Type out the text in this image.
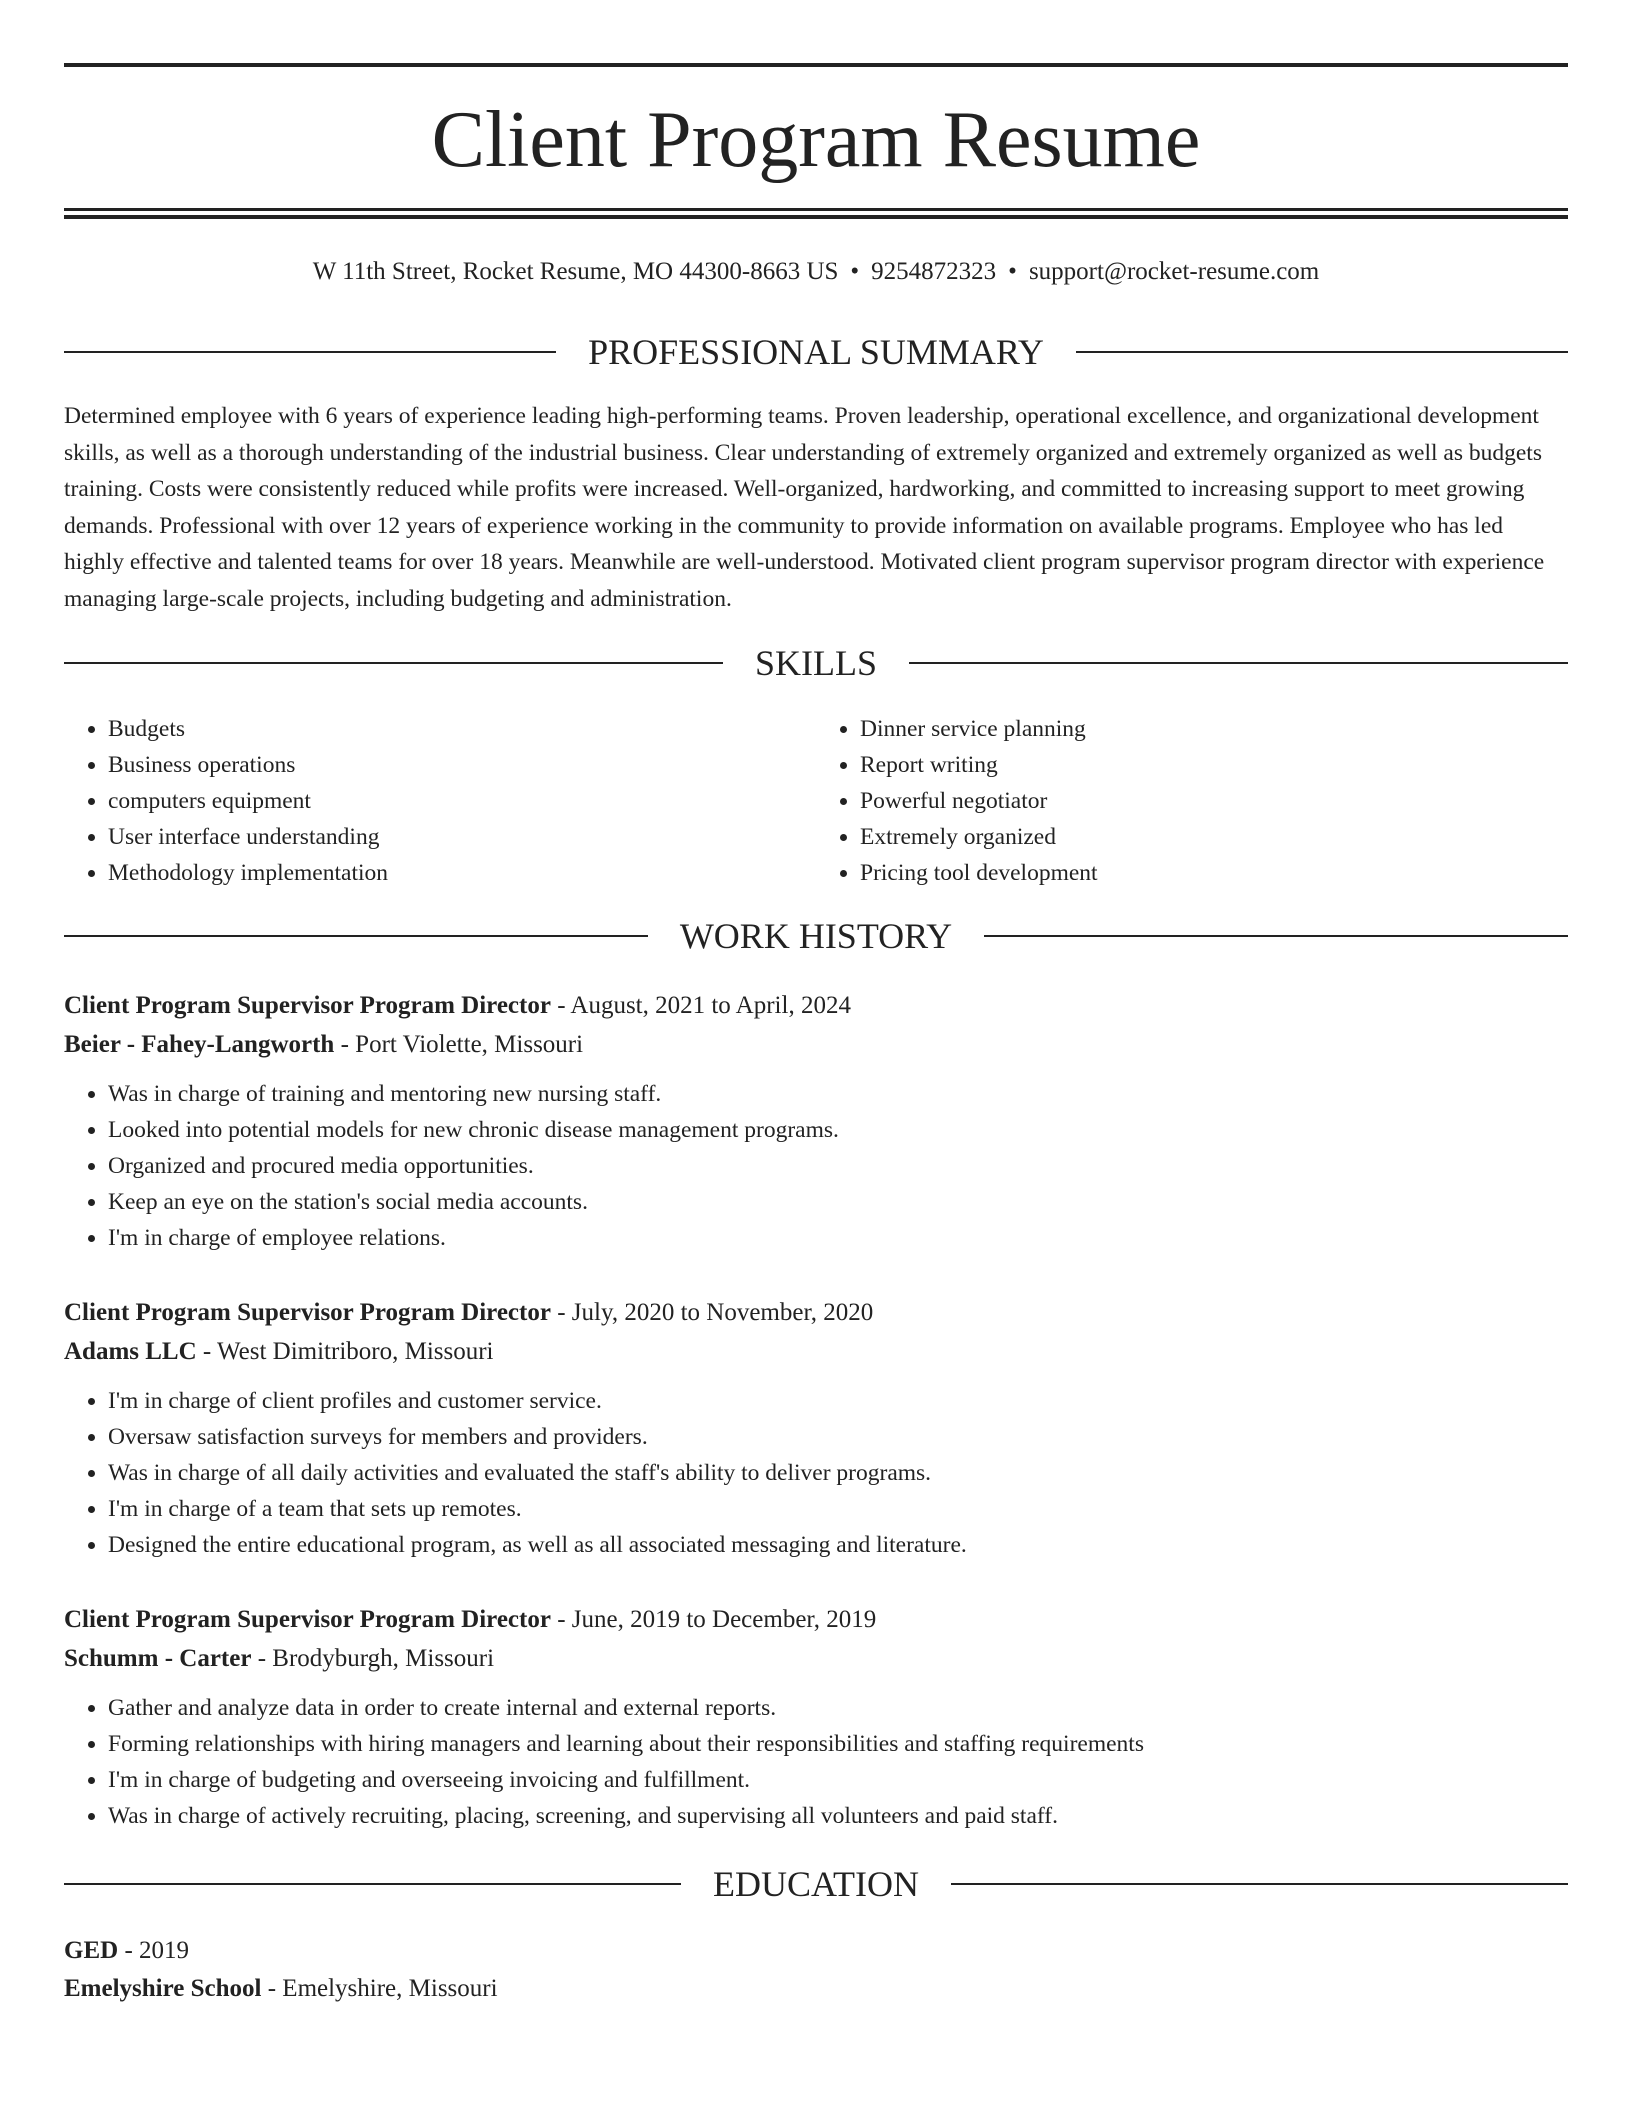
Client Program Resume
W 11th Street, Rocket Resume, MO 44300-8663 US • 9254872323 • support@rocket-resume.com
PROFESSIONAL SUMMARY

Determined employee with 6 years of experience leading high-performing teams. Proven leadership, operational excellence, and organizational development skills, as well as a thorough understanding of the industrial business. Clear understanding of extremely organized and extremely organized as well as budgets training. Costs were consistently reduced while profits were increased. Well-organized, hardworking, and committed to increasing support to meet growing demands. Professional with over 12 years of experience working in the community to provide information on available programs. Employee who has led highly effective and talented teams for over 18 years. Meanwhile are well-understood. Motivated client program supervisor program director with experience managing large-scale projects, including budgeting and administration.

SKILLS
• Budgets
• Business operations
• computers equipment
• User interface understanding
• Methodology implementation
• Dinner service planning
• Report writing
• Powerful negotiator
• Extremely organized
• Pricing tool development
WORK HISTORY
Client Program Supervisor Program Director - August, 2021 to April, 2024
Beier - Fahey-Langworth - Port Violette, Missouri
• Was in charge of training and mentoring new nursing staff.
• Looked into potential models for new chronic disease management programs.
• Organized and procured media opportunities.
• Keep an eye on the station's social media accounts.
• I'm in charge of employee relations.
Client Program Supervisor Program Director - July, 2020 to November, 2020
Adams LLC - West Dimitriboro, Missouri
• I'm in charge of client profiles and customer service.
• Oversaw satisfaction surveys for members and providers.
• Was in charge of all daily activities and evaluated the staff's ability to deliver programs.
• I'm in charge of a team that sets up remotes.
• Designed the entire educational program, as well as all associated messaging and literature.
Client Program Supervisor Program Director - June, 2019 to December, 2019
Schumm - Carter - Brodyburgh, Missouri
• Gather and analyze data in order to create internal and external reports.
• Forming relationships with hiring managers and learning about their responsibilities and staffing requirements
• I'm in charge of budgeting and overseeing invoicing and fulfillment.
• Was in charge of actively recruiting, placing, screening, and supervising all volunteers and paid staff.
EDUCATION
GED - 2019
Emelyshire School - Emelyshire, Missouri
